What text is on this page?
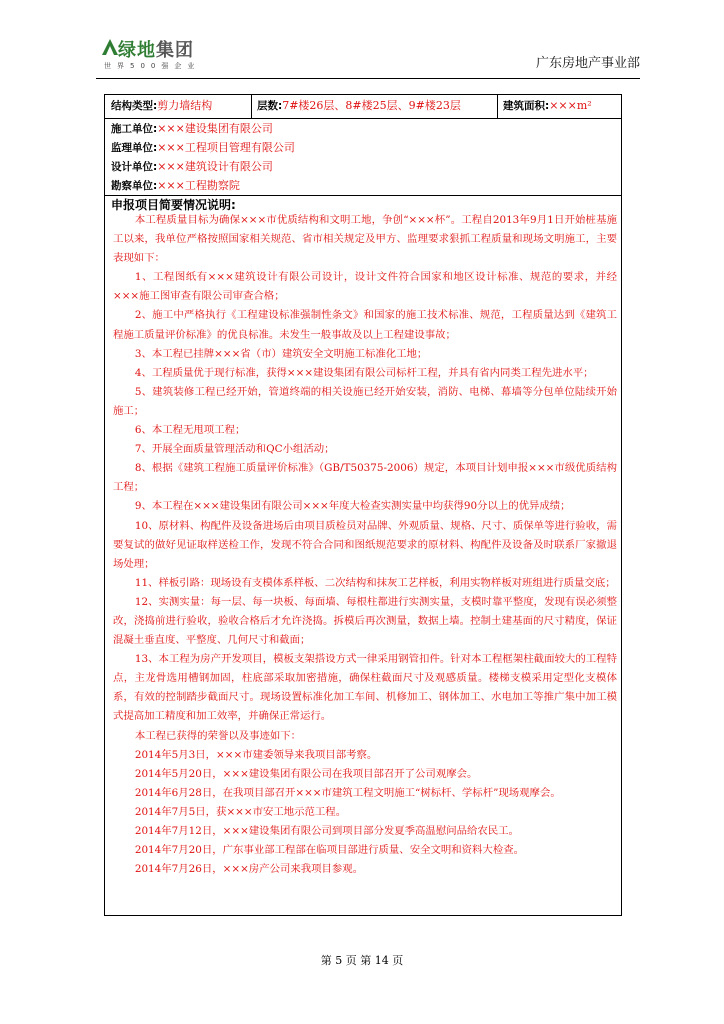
绿地集团
世界500强企业	广东房地产事业部
结构类型:剪力墙结构	层数:7#楼26层、8#楼25层、9#楼23层	建筑面积:×××m²
施工单位:×××建设集团有限公司
监理单位:×××工程项目管理有限公司
设计单位:×××建筑设计有限公司
勘察单位:×××工程勘察院
申报项目简要情况说明:

本工程质量目标为确保×××市优质结构和文明工地，争创“×××杯”。工程自2013年9月1日开始桩基施工以来，我单位严格按照国家相关规范、省市相关规定及甲方、监理要求狠抓工程质量和现场文明施工，主要表现如下：

1、工程图纸有×××建筑设计有限公司设计，设计文件符合国家和地区设计标准、规范的要求，并经×××施工图审查有限公司审查合格；

2、施工中严格执行《工程建设标准强制性条文》和国家的施工技术标准、规范，工程质量达到《建筑工程施工质量评价标准》的优良标准。未发生一般事故及以上工程建设事故；

3、本工程已挂牌×××省（市）建筑安全文明施工标准化工地；

4、工程质量优于现行标准，获得×××建设集团有限公司标杆工程，并具有省内同类工程先进水平；

5、建筑装修工程已经开始，管道终端的相关设施已经开始安装，消防、电梯、幕墙等分包单位陆续开始施工；

6、本工程无甩项工程；

7、开展全面质量管理活动和QC小组活动；

8、根据《建筑工程施工质量评价标准》（GB/T50375-2006）规定，本项目计划申报×××市级优质结构工程；

9、本工程在×××建设集团有限公司×××年度大检查实测实量中均获得90分以上的优异成绩；

10、原材料、构配件及设备进场后由项目质检员对品牌、外观质量、规格、尺寸、质保单等进行验收，需要复试的做好见证取样送检工作，发现不符合合同和图纸规范要求的原材料、构配件及设备及时联系厂家撤退场处理；

11、样板引路：现场设有支模体系样板、二次结构和抹灰工艺样板，利用实物样板对班组进行质量交底；

12、实测实量：每一层、每一块板、每面墙、每根柱都进行实测实量，支模时靠平整度，发现有误必须整改，浇捣前进行验收，验收合格后才允许浇捣。拆模后再次测量，数据上墙。控制土建基面的尺寸精度，保证混凝土垂直度、平整度、几何尺寸和截面；

13、本工程为房产开发项目，模板支架搭设方式一律采用钢管扣件。针对本工程框架柱截面较大的工程特点，主龙骨选用槽钢加固，柱底部采取加密措施，确保柱截面尺寸及观感质量。楼梯支模采用定型化支模体系，有效的控制踏步截面尺寸。现场设置标准化加工车间、机修加工、钢体加工、水电加工等推广集中加工模式提高加工精度和加工效率，并确保正常运行。

本工程已获得的荣誉以及事迹如下：

2014年5月3日，×××市建委领导来我项目部考察。

2014年5月20日，×××建设集团有限公司在我项目部召开了公司观摩会。

2014年6月28日，在我项目部召开×××市建筑工程文明施工“树标杆、学标杆”现场观摩会。

2014年7月5日，获×××市安工地示范工程。

2014年7月12日，×××建设集团有限公司到项目部分发夏季高温慰问品给农民工。

2014年7月20日，广东事业部工程部在临项目部进行质量、安全文明和资料大检查。

2014年7月26日，×××房产公司来我项目参观。

第 5 页 第 14 页
